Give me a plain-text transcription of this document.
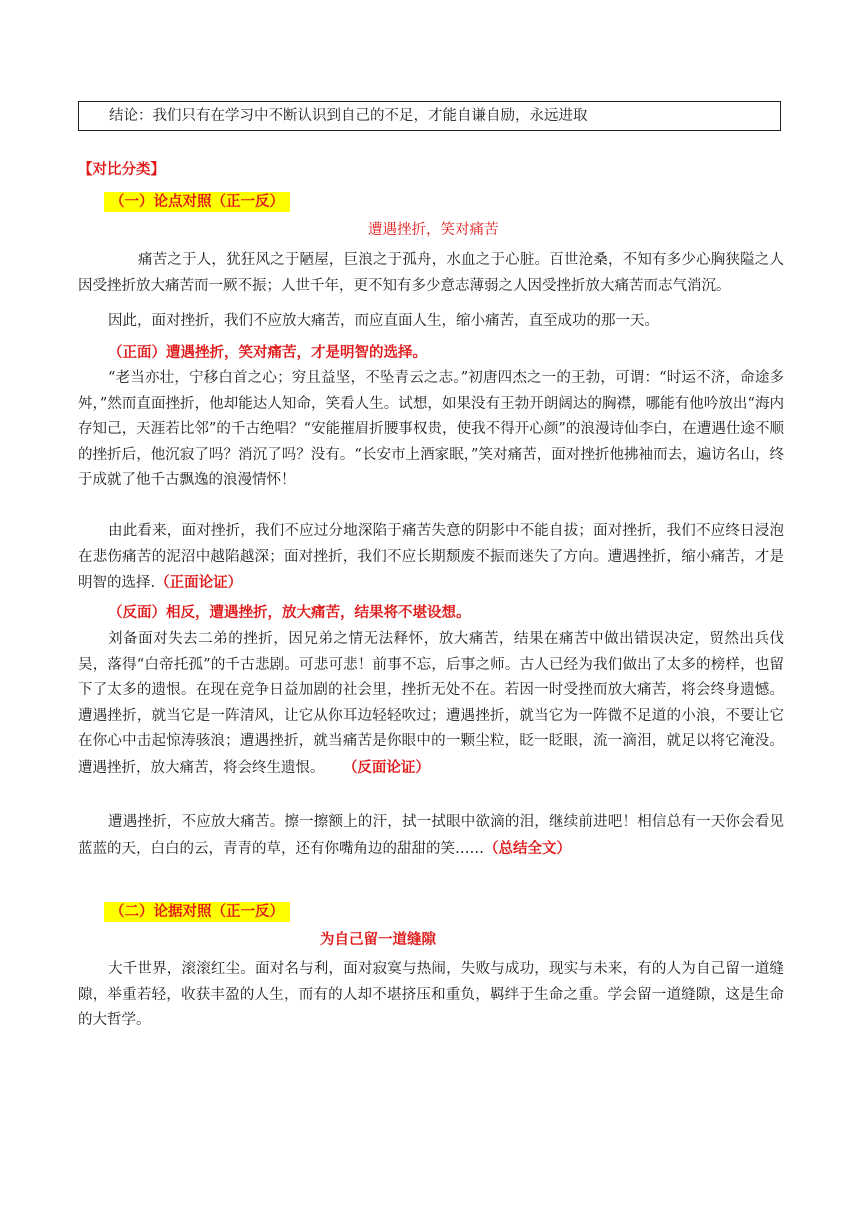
结论：我们只有在学习中不断认识到自己的不足，才能自谦自励，永远进取
【对比分类】
（一）论点对照（正一反）
遭遇挫折，笑对痛苦

痛苦之于人，犹狂风之于陋屋，巨浪之于孤舟，水血之于心脏。百世沧桑，不知有多少心胸狭隘之人因受挫折放大痛苦而一厥不振；人世千年，更不知有多少意志薄弱之人因受挫折放大痛苦而志气消沉。

因此，面对挫折，我们不应放大痛苦，而应直面人生，缩小痛苦，直至成功的那一天。

（正面）遭遇挫折，笑对痛苦，才是明智的选择。

“老当亦壮，宁移白首之心；穷且益坚，不坠青云之志。”初唐四杰之一的王勃，可谓：“时运不济，命途多舛，”然而直面挫折，他却能达人知命，笑看人生。试想，如果没有王勃开朗阔达的胸襟，哪能有他吟放出“海内存知己，天涯若比邻”的千古绝唱？“安能摧眉折腰事权贵，使我不得开心颜”的浪漫诗仙李白，在遭遇仕途不顺的挫折后，他沉寂了吗？消沉了吗？没有。“长安市上酒家眠，”笑对痛苦，面对挫折他拂袖而去，遍访名山，终于成就了他千古飘逸的浪漫情怀！

由此看来，面对挫折，我们不应过分地深陷于痛苦失意的阴影中不能自拔；面对挫折，我们不应终日浸泡在悲伤痛苦的泥沼中越陷越深；面对挫折，我们不应长期颓废不振而迷失了方向。遭遇挫折，缩小痛苦，才是明智的选择.（正面论证）

（反面）相反，遭遇挫折，放大痛苦，结果将不堪设想。

刘备面对失去二弟的挫折，因兄弟之情无法释怀，放大痛苦，结果在痛苦中做出错误决定，贸然出兵伐吴，落得“白帝托孤”的千古悲剧。可悲可悲！前事不忘，后事之师。古人已经为我们做出了太多的榜样，也留下了太多的遗恨。在现在竞争日益加剧的社会里，挫折无处不在。若因一时受挫而放大痛苦，将会终身遗憾。遭遇挫折，就当它是一阵清风，让它从你耳边轻轻吹过；遭遇挫折，就当它为一阵微不足道的小浪，不要让它在你心中击起惊涛骇浪；遭遇挫折，就当痛苦是你眼中的一颗尘粒，眨一眨眼，流一滴泪，就足以将它淹没。遭遇挫折，放大痛苦，将会终生遗恨。 （反面论证）

遭遇挫折，不应放大痛苦。擦一擦额上的汗，拭一拭眼中欲滴的泪，继续前进吧！相信总有一天你会看见蓝蓝的天，白白的云，青青的草，还有你嘴角边的甜甜的笑……（总结全文）

（二）论据对照（正一反）
为自己留一道缝隙

大千世界，滚滚红尘。面对名与利，面对寂寞与热闹，失败与成功，现实与未来，有的人为自己留一道缝隙，举重若轻，收获丰盈的人生，而有的人却不堪挤压和重负，羁绊于生命之重。学会留一道缝隙，这是生命的大哲学。
